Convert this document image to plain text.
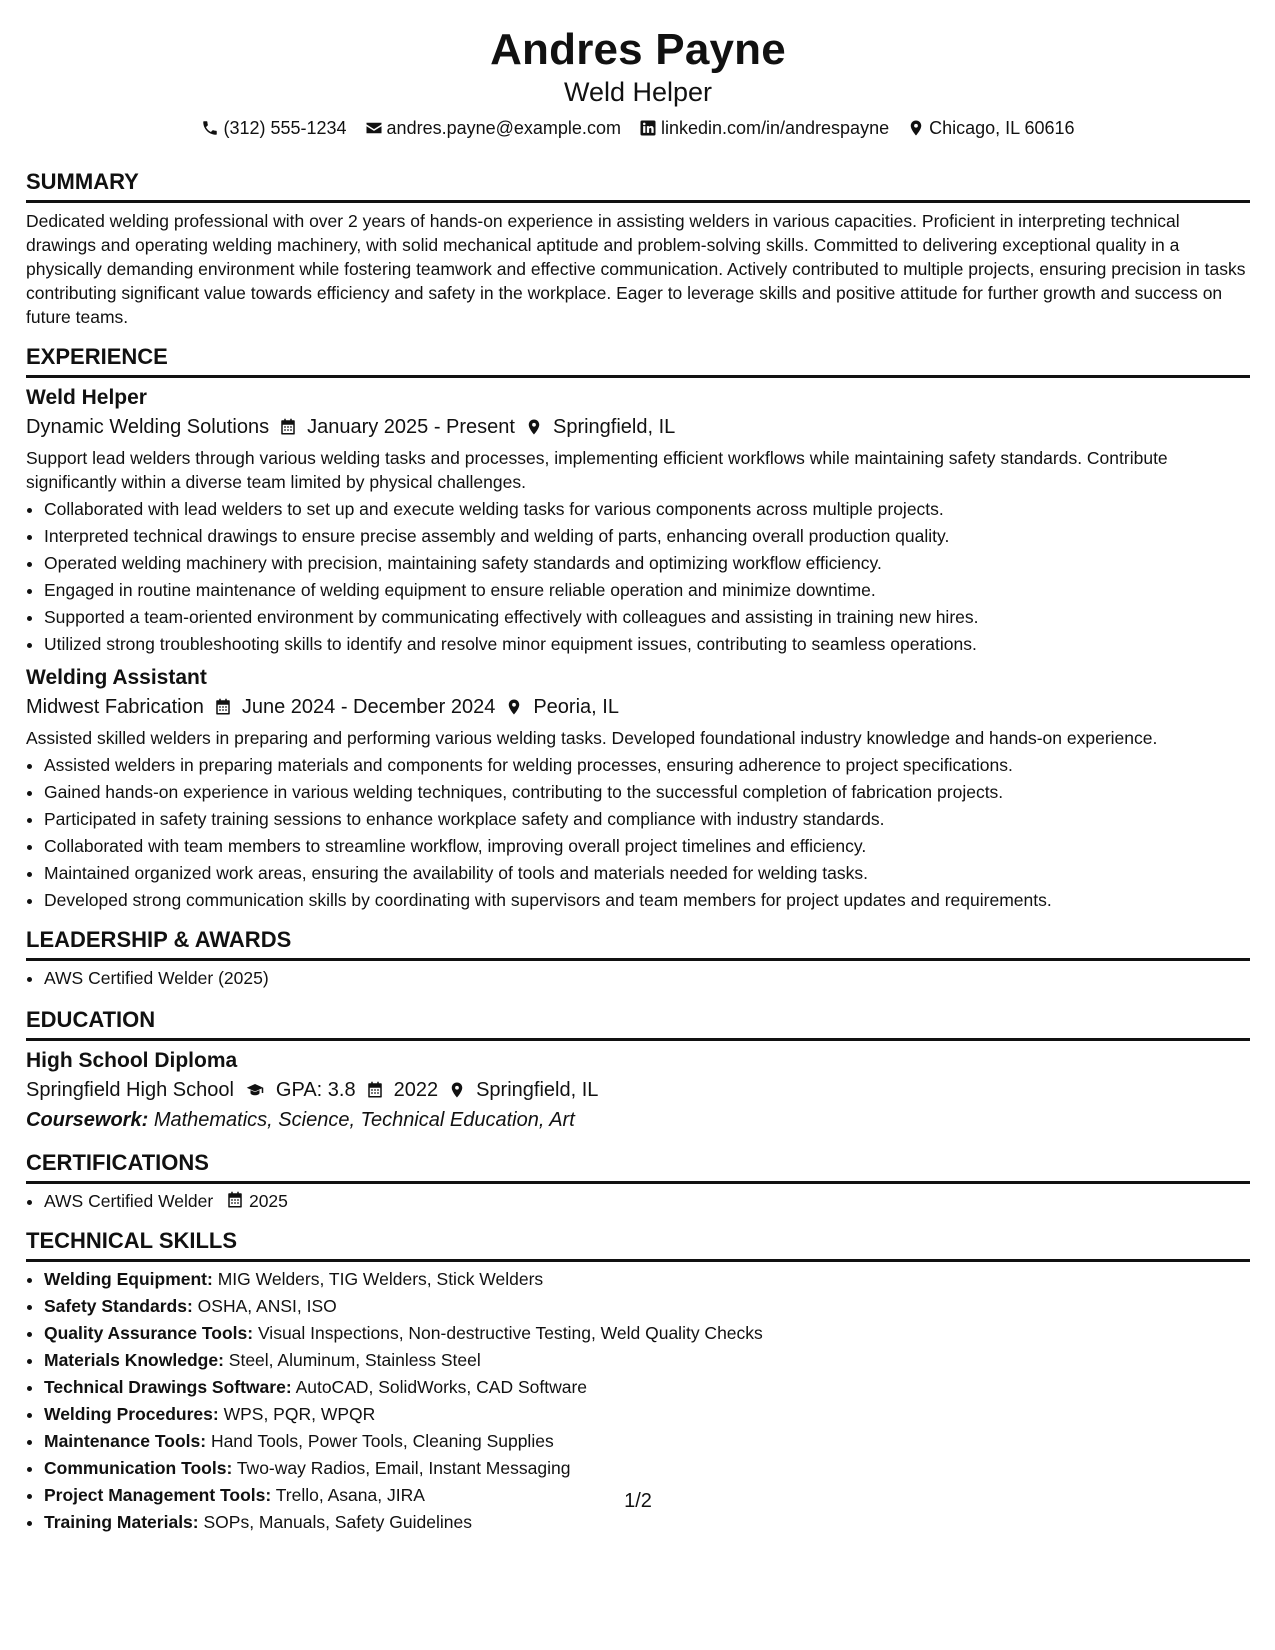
Andres Payne
Weld Helper
(312) 555-1234 andres.payne@example.com linkedin.com/in/andrespayne Chicago, IL 60616
SUMMARY

Dedicated welding professional with over 2 years of hands-on experience in assisting welders in various capacities. Proficient in interpreting technical drawings and operating welding machinery, with solid mechanical aptitude and problem-solving skills. Committed to delivering exceptional quality in a physically demanding environment while fostering teamwork and effective communication. Actively contributed to multiple projects, ensuring precision in tasks contributing significant value towards efficiency and safety in the workplace. Eager to leverage skills and positive attitude for further growth and success on future teams.

EXPERIENCE
Weld Helper
Dynamic Welding Solutions January 2025 - Present Springfield, IL

Support lead welders through various welding tasks and processes, implementing efficient workflows while maintaining safety standards. Contribute significantly within a diverse team limited by physical challenges.

• Collaborated with lead welders to set up and execute welding tasks for various components across multiple projects.
• Interpreted technical drawings to ensure precise assembly and welding of parts, enhancing overall production quality.
• Operated welding machinery with precision, maintaining safety standards and optimizing workflow efficiency.
• Engaged in routine maintenance of welding equipment to ensure reliable operation and minimize downtime.
• Supported a team-oriented environment by communicating effectively with colleagues and assisting in training new hires.
• Utilized strong troubleshooting skills to identify and resolve minor equipment issues, contributing to seamless operations.
Welding Assistant
Midwest Fabrication June 2024 - December 2024 Peoria, IL

Assisted skilled welders in preparing and performing various welding tasks. Developed foundational industry knowledge and hands-on experience.

• Assisted welders in preparing materials and components for welding processes, ensuring adherence to project specifications.
• Gained hands-on experience in various welding techniques, contributing to the successful completion of fabrication projects.
• Participated in safety training sessions to enhance workplace safety and compliance with industry standards.
• Collaborated with team members to streamline workflow, improving overall project timelines and efficiency.
• Maintained organized work areas, ensuring the availability of tools and materials needed for welding tasks.
• Developed strong communication skills by coordinating with supervisors and team members for project updates and requirements.
LEADERSHIP & AWARDS
• AWS Certified Welder (2025)
EDUCATION
High School Diploma
Springfield High School GPA: 3.8 2022 Springfield, IL
Coursework: Mathematics, Science, Technical Education, Art
CERTIFICATIONS
• AWS Certified Welder 2025
TECHNICAL SKILLS
• Welding Equipment: MIG Welders, TIG Welders, Stick Welders
• Safety Standards: OSHA, ANSI, ISO
• Quality Assurance Tools: Visual Inspections, Non-destructive Testing, Weld Quality Checks
• Materials Knowledge: Steel, Aluminum, Stainless Steel
• Technical Drawings Software: AutoCAD, SolidWorks, CAD Software
• Welding Procedures: WPS, PQR, WPQR
• Maintenance Tools: Hand Tools, Power Tools, Cleaning Supplies
• Communication Tools: Two-way Radios, Email, Instant Messaging
• Project Management Tools: Trello, Asana, JIRA
• Training Materials: SOPs, Manuals, Safety Guidelines
1/2
